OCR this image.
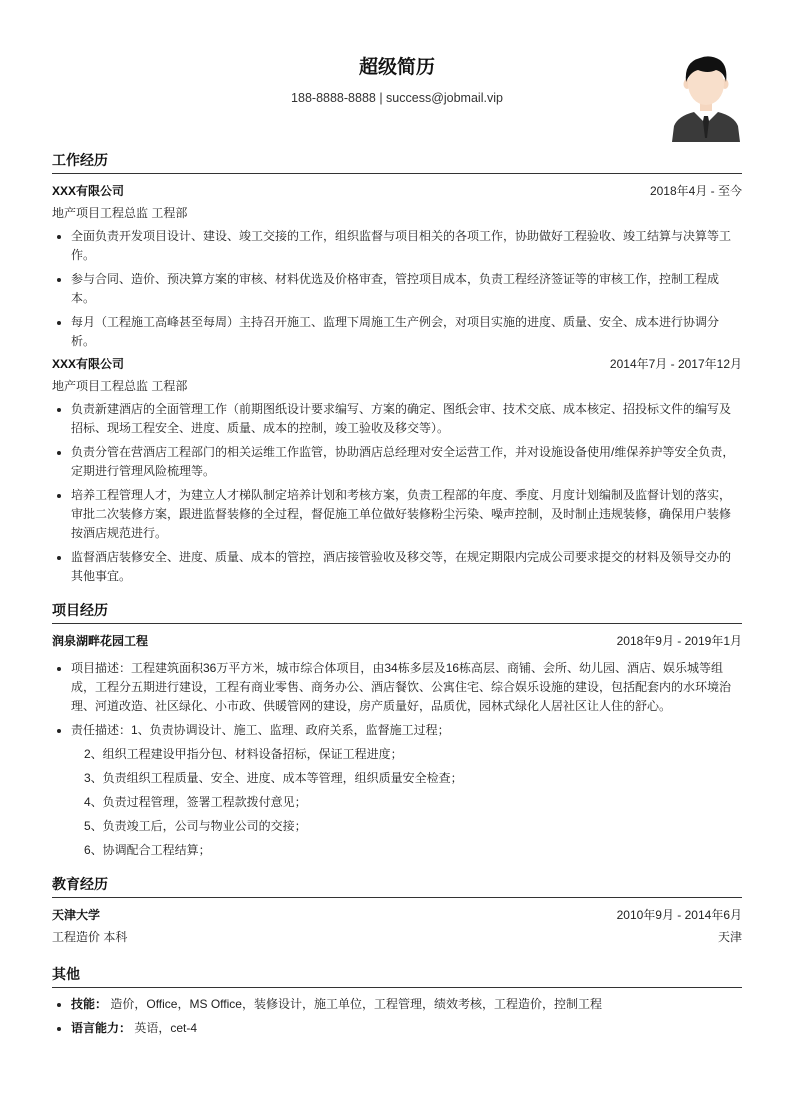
超级简历
188-8888-8888 | success@jobmail.vip
工作经历
XXX有限公司	2018年4月 - 至今
地产项目工程总监 工程部
• 全面负责开发项目设计、建设、竣工交接的工作，组织监督与项目相关的各项工作，协助做好工程验收、竣工结算与决算等工作。
• 参与合同、造价、预决算方案的审核、材料优选及价格审查，管控项目成本，负责工程经济签证等的审核工作，控制工程成本。
• 每月（工程施工高峰甚至每周）主持召开施工、监理下周施工生产例会，对项目实施的进度、质量、安全、成本进行协调分析。
XXX有限公司	2014年7月 - 2017年12月
地产项目工程总监 工程部
• 负责新建酒店的全面管理工作（前期图纸设计要求编写、方案的确定、图纸会审、技术交底、成本核定、招投标文件的编写及招标、现场工程安全、进度、质量、成本的控制，竣工验收及移交等）。
• 负责分管在营酒店工程部门的相关运维工作监管，协助酒店总经理对安全运营工作，并对设施设备使用/维保养护等安全负责，定期进行管理风险梳理等。
• 培养工程管理人才，为建立人才梯队制定培养计划和考核方案，负责工程部的年度、季度、月度计划编制及监督计划的落实，审批二次装修方案，跟进监督装修的全过程，督促施工单位做好装修粉尘污染、噪声控制，及时制止违规装修，确保用户装修按酒店规范进行。
• 监督酒店装修安全、进度、质量、成本的管控，酒店接管验收及移交等，在规定期限内完成公司要求提交的材料及领导交办的其他事宜。
项目经历
润泉湖畔花园工程	2018年9月 - 2019年1月
• 项目描述：工程建筑面积36万平方米，城市综合体项目，由34栋多层及16栋高层、商铺、会所、幼儿园、酒店、娱乐城等组成，工程分五期进行建设，工程有商业零售、商务办公、酒店餐饮、公寓住宅、综合娱乐设施的建设，包括配套内的水环境治理、河道改造、社区绿化、小市政、供暖管网的建设，房产质量好，品质优，园林式绿化人居社区让人住的舒心。
• 责任描述：1、负责协调设计、施工、监理、政府关系，监督施工过程；
2、组织工程建设甲指分包、材料设备招标，保证工程进度；
3、负责组织工程质量、安全、进度、成本等管理，组织质量安全检查；
4、负责过程管理，签署工程款拨付意见；
5、负责竣工后，公司与物业公司的交接；
6、协调配合工程结算；
教育经历
天津大学	2010年9月 - 2014年6月
工程造价 本科	天津
其他
• 技能： 造价，Office，MS Office，装修设计，施工单位，工程管理，绩效考核，工程造价，控制工程
• 语言能力： 英语，cet-4
